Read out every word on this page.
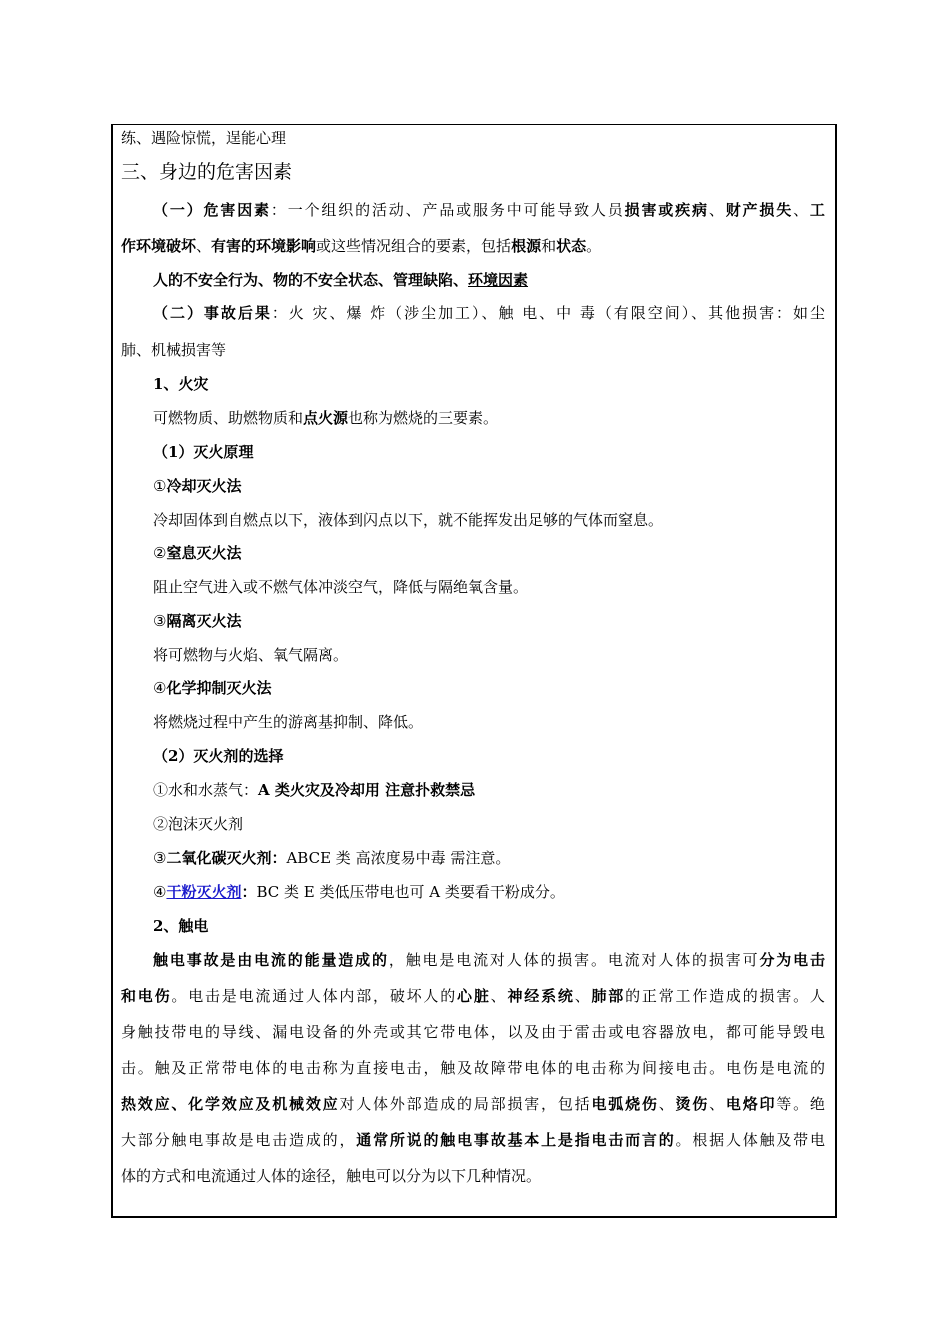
练、遇险惊慌，逞能心理
三、身边的危害因素
（一）危害因素：一个组织的活动、产品或服务中可能导致人员损害或疾病、财产损失、工
作环境破坏、有害的环境影响或这些情况组合的要素，包括根源和状态。
人的不安全行为、物的不安全状态、管理缺陷、环境因素
（二）事故后果：火 灾、爆 炸（涉尘加工）、触 电、中 毒（有限空间）、其他损害：如尘
肺、机械损害等
1、火灾
可燃物质、助燃物质和点火源也称为燃烧的三要素。
（1）灭火原理
①冷却灭火法
冷却固体到自燃点以下，液体到闪点以下，就不能挥发出足够的气体而窒息。
②窒息灭火法
阻止空气进入或不燃气体冲淡空气，降低与隔绝氧含量。
③隔离灭火法
将可燃物与火焰、氧气隔离。
④化学抑制灭火法
将燃烧过程中产生的游离基抑制、降低。
（2）灭火剂的选择
①水和水蒸气：A 类火灾及冷却用 注意扑救禁忌
②泡沫灭火剂
③二氧化碳灭火剂：ABCE 类 高浓度易中毒 需注意。
④干粉灭火剂：BC 类 E 类低压带电也可 A 类要看干粉成分。
2、触电
触电事故是由电流的能量造成的，触电是电流对人体的损害。电流对人体的损害可分为电击
和电伤。电击是电流通过人体内部，破坏人的心脏、神经系统、肺部的正常工作造成的损害。人
身触技带电的导线、漏电设备的外壳或其它带电体，以及由于雷击或电容器放电，都可能导毁电
击。触及正常带电体的电击称为直接电击，触及故障带电体的电击称为间接电击。电伤是电流的
热效应、化学效应及机械效应对人体外部造成的局部损害，包括电弧烧伤、烫伤、电烙印等。绝
大部分触电事故是电击造成的，通常所说的触电事故基本上是指电击而言的。根据人体触及带电
体的方式和电流通过人体的途径，触电可以分为以下几种情况。
